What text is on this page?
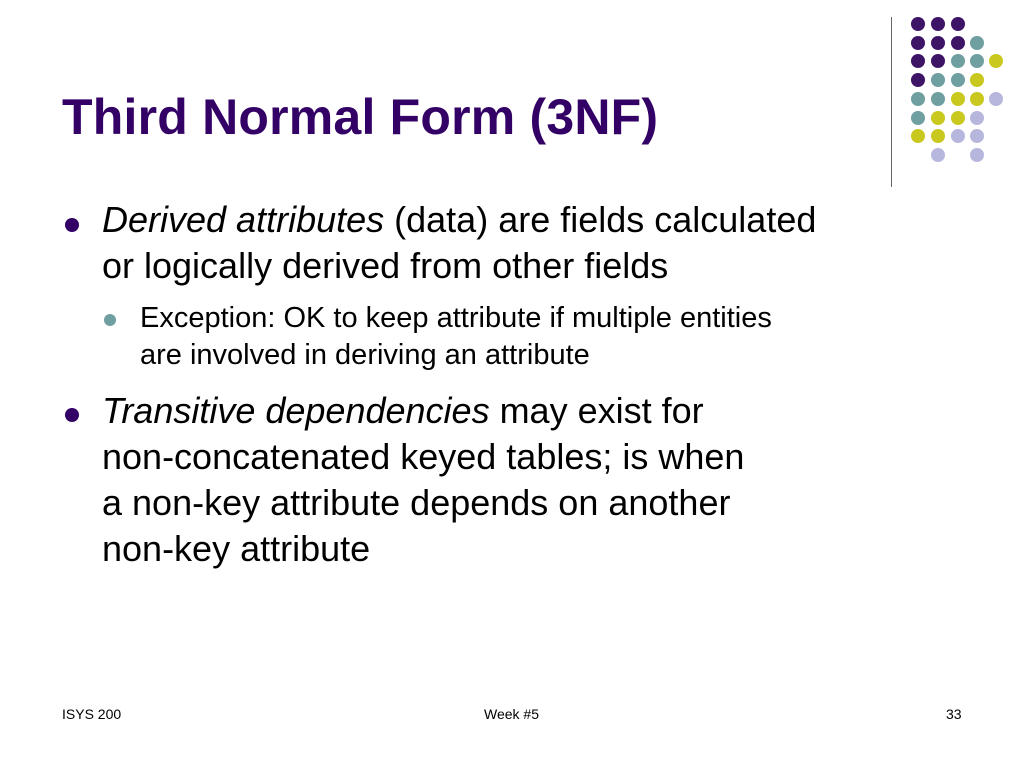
Third Normal Form (3NF)
Derived attributes (data) are fields calculated
or logically derived from other fields
Exception: OK to keep attribute if multiple entities
are involved in deriving an attribute
Transitive dependencies may exist for
non-concatenated keyed tables; is when
a non-key attribute depends on another
non-key attribute
ISYS 200	Week #5	33
